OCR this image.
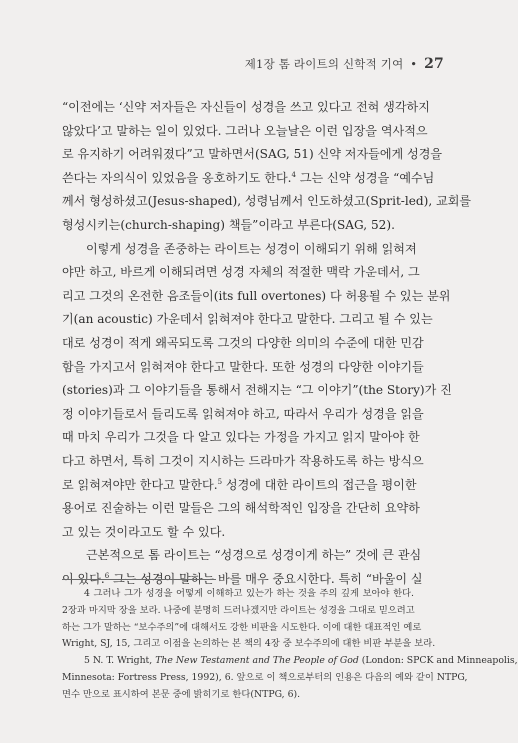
제1장 톰 라이트의 신학적 기여 • 27
“이전에는 ‘신약 저자들은 자신들이 성경을 쓰고 있다고 전혀 생각하지
않았다’고 말하는 일이 있었다. 그러나 오늘날은 이런 입장을 역사적으
로 유지하기 어려워졌다”고 말하면서(SAG, 51) 신약 저자들에게 성경을
쓴다는 자의식이 있었음을 옹호하기도 한다.$^4$ 그는 신약 성경을 “예수님
께서 형성하셨고(Jesus-shaped), 성령님께서 인도하셨고(Sprit-led), 교회를
형성시키는(church-shaping) 책들”이라고 부른다(SAG, 52).
이렇게 성경을 존중하는 라이트는 성경이 이해되기 위해 읽혀져
야만 하고, 바르게 이해되려면 성경 자체의 적절한 맥락 가운데서, 그
리고 그것의 온전한 음조들이(its full overtones) 다 허용될 수 있는 분위
기(an acoustic) 가운데서 읽혀져야 한다고 말한다. 그리고 될 수 있는
대로 성경이 적게 왜곡되도록 그것의 다양한 의미의 수준에 대한 민감
함을 가지고서 읽혀져야 한다고 말한다. 또한 성경의 다양한 이야기들
(stories)과 그 이야기들을 통해서 전해지는 “그 이야기”(the Story)가 진
정 이야기들로서 들리도록 읽혀져야 하고, 따라서 우리가 성경을 읽을
때 마치 우리가 그것을 다 알고 있다는 가정을 가지고 읽지 말아야 한
다고 하면서, 특히 그것이 지시하는 드라마가 작용하도록 하는 방식으
로 읽혀져야만 한다고 말한다.$^5$ 성경에 대한 라이트의 접근을 평이한
용어로 진술하는 이런 말들은 그의 해석학적인 입장을 간단히 요약하
고 있는 것이라고도 할 수 있다.
근본적으로 톰 라이트는 “성경으로 성경이게 하는” 것에 큰 관심
이 있다.$^6$ 그는 성경이 말하는 바를 매우 중요시한다. 특히 “바울이 실
4 그러나 그가 성경을 어떻게 이해하고 있는가 하는 것을 주의 깊게 보아야 한다.
2장과 마지막 장을 보라. 나중에 분명히 드러나겠지만 라이트는 성경을 그대로 믿으려고
하는 그가 말하는 “보수주의”에 대해서도 강한 비판을 시도한다. 이에 대한 대표적인 예로
Wright, SJ, 15, 그리고 이점을 논의하는 본 책의 4장 중 보수주의에 대한 비판 부분을 보라.
5 N. T. Wright, The New Testament and The People of God (London: SPCK and Minneapolis,
Minnesota: Fortress Press, 1992), 6. 앞으로 이 책으로부터의 인용은 다음의 예와 같이 NTPG,
면수 만으로 표시하여 본문 중에 밝히기로 한다(NTPG, 6).
